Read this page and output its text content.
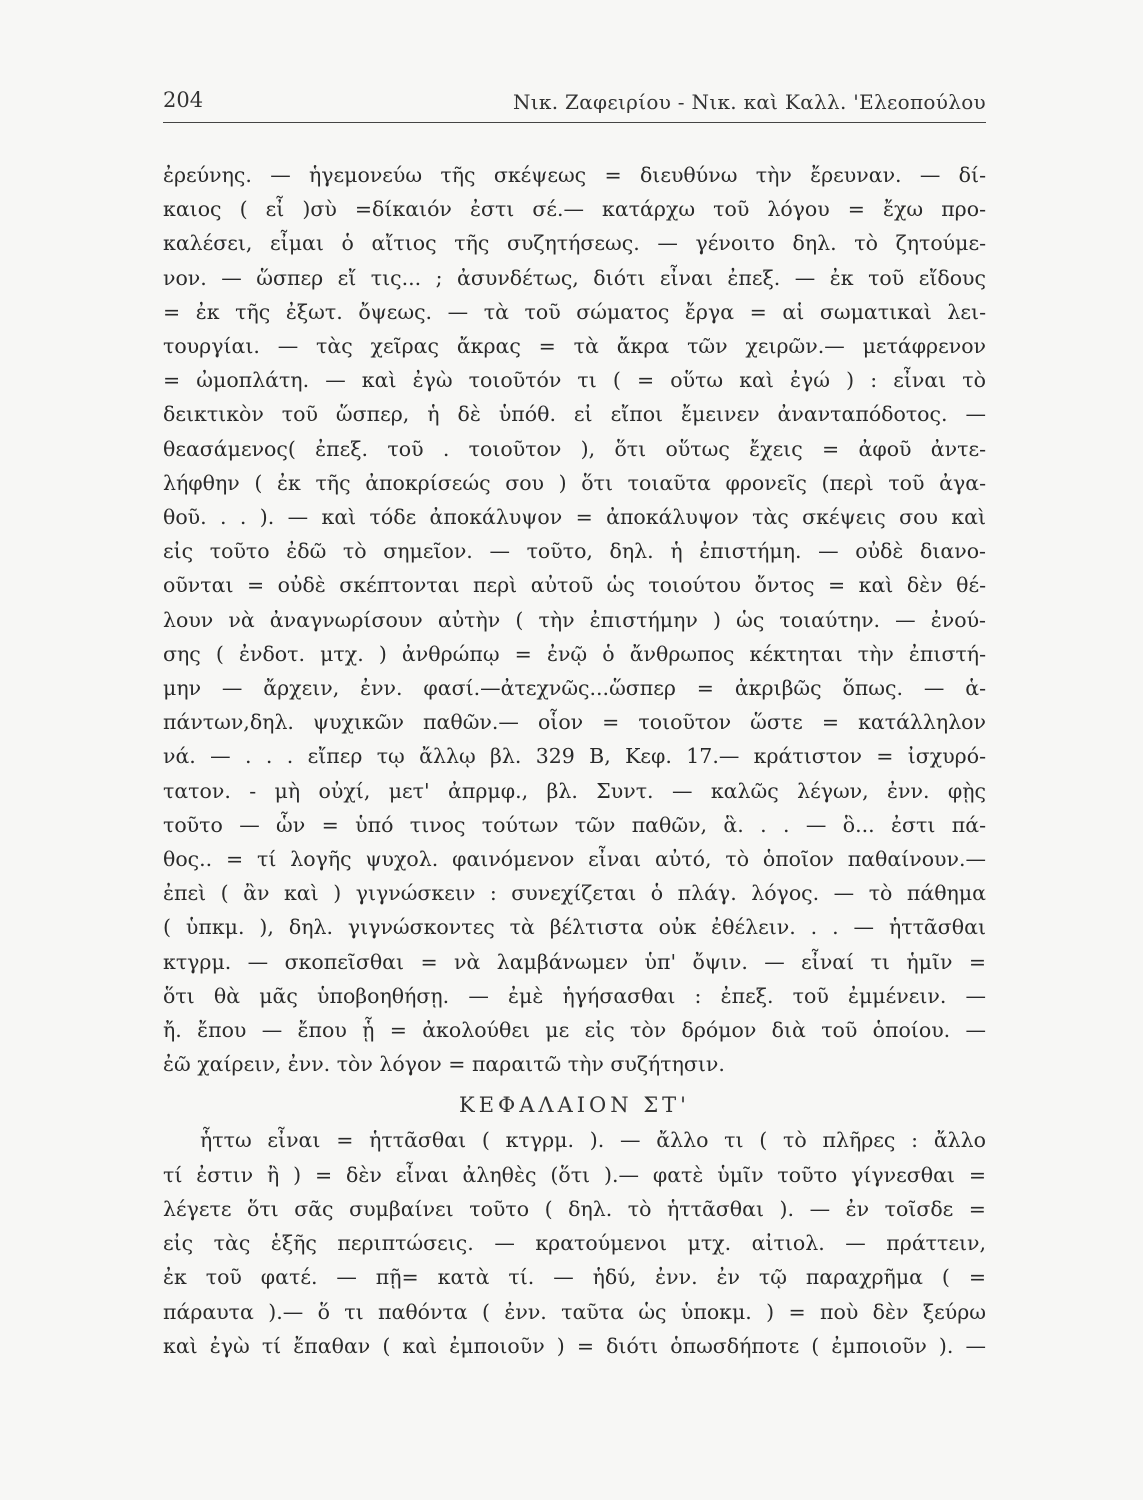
204	Νικ. Ζαφειρίου - Νικ. καὶ Καλλ. 'Ελεοπούλου
ἐρεύνης. — ἡγεμονεύω τῆς σκέψεως = διευθύνω τὴν ἔρευναν. — δί-
καιος ( εἶ )σὺ =δίκαιόν ἐστι σέ.— κατάρχω τοῦ λόγου = ἔχω προ-
καλέσει, εἶμαι ὁ αἴτιος τῆς συζητήσεως. — γένοιτο δηλ. τὸ ζητούμε-
νον. — ὥσπερ εἴ τις... ; ἀσυνδέτως, διότι εἶναι ἐπεξ. — ἐκ τοῦ εἴδους
= ἐκ τῆς ἐξωτ. ὄψεως. — τὰ τοῦ σώματος ἔργα = αἱ σωματικαὶ λει-
τουργίαι. — τὰς χεῖρας ἄκρας = τὰ ἄκρα τῶν χειρῶν.— μετάφρενον
= ὠμοπλάτη. — καὶ ἐγὼ τοιοῦτόν τι ( = οὕτω καὶ ἐγώ ) : εἶναι τὸ
δεικτικὸν τοῦ ὥσπερ, ἡ δὲ ὑπόθ. εἰ εἴποι ἔμεινεν ἀνανταπόδοτος. —
θεασάμενος( ἐπεξ. τοῦ . τοιοῦτον ), ὅτι οὕτως ἔχεις = ἀφοῦ ἀντε-
λήφθην ( ἐκ τῆς ἀποκρίσεώς σου ) ὅτι τοιαῦτα φρονεῖς (περὶ τοῦ ἀγα-
θοῦ. . . ). — καὶ τόδε ἀποκάλυψον = ἀποκάλυψον τὰς σκέψεις σου καὶ
εἰς τοῦτο ἐδῶ τὸ σημεῖον. — τοῦτο, δηλ. ἡ ἐπιστήμη. — οὐδὲ διανο-
οῦνται = οὐδὲ σκέπτονται περὶ αὐτοῦ ὡς τοιούτου ὄντος = καὶ δὲν θέ-
λουν νὰ ἀναγνωρίσουν αὐτὴν ( τὴν ἐπιστήμην ) ὡς τοιαύτην. — ἐνού-
σης ( ἐνδοτ. μτχ. ) ἀνθρώπῳ = ἐνῷ ὁ ἄνθρωπος κέκτηται τὴν ἐπιστή-
μην — ἄρχειν, ἐνν. φασί.—ἀτεχνῶς...ὥσπερ = ἀκριβῶς ὅπως. — ἁ-
πάντων,δηλ. ψυχικῶν παθῶν.— οἷον = τοιοῦτον ὥστε = κατάλληλον
νά. — . . . εἴπερ τῳ ἄλλῳ βλ. 329 Β, Κεφ. 17.— κράτιστον = ἰσχυρό-
τατον. - μὴ οὐχί, μετ' ἀπρμφ., βλ. Συντ. — καλῶς λέγων, ἐνν. φῂς
τοῦτο — ὧν = ὑπό τινος τούτων τῶν παθῶν, ἃ. . . — ὃ... ἐστι πά-
θος.. = τί λογῆς ψυχολ. φαινόμενον εἶναι αὐτό, τὸ ὁποῖον παθαίνουν.—
ἐπεὶ ( ἂν καὶ ) γιγνώσκειν : συνεχίζεται ὁ πλάγ. λόγος. — τὸ πάθημα
( ὑπκμ. ), δηλ. γιγνώσκοντες τὰ βέλτιστα οὐκ ἐθέλειν. . . — ἡττᾶσθαι
κτγρμ. — σκοπεῖσθαι = νὰ λαμβάνωμεν ὑπ' ὄψιν. — εἶναί τι ἡμῖν =
ὅτι θὰ μᾶς ὑποβοηθήσῃ. — ἐμὲ ἡγήσασθαι : ἐπεξ. τοῦ ἐμμένειν. —
ἤ. ἔπου — ἔπου ᾗ = ἀκολούθει με εἰς τὸν δρόμον διὰ τοῦ ὁποίου. —
ἐῶ χαίρειν, ἐνν. τὸν λόγον = παραιτῶ τὴν συζήτησιν.
ΚΕΦΑΛΑΙΟΝ ΣΤ'
ἧττω εἶναι = ἡττᾶσθαι ( κτγρμ. ). — ἄλλο τι ( τὸ πλῆρες : ἄλλο
τί ἐστιν ἢ ) = δὲν εἶναι ἀληθὲς (ὅτι ).— φατὲ ὑμῖν τοῦτο γίγνεσθαι =
λέγετε ὅτι σᾶς συμβαίνει τοῦτο ( δηλ. τὸ ἡττᾶσθαι ). — ἐν τοῖσδε =
εἰς τὰς ἑξῆς περιπτώσεις. — κρατούμενοι μτχ. αἰτιολ. — πράττειν,
ἐκ τοῦ φατέ. — πῇ= κατὰ τί. — ἡδύ, ἐνν. ἐν τῷ παραχρῆμα ( =
πάραυτα ).— ὅ τι παθόντα ( ἐνν. ταῦτα ὡς ὑποκμ. ) = ποὺ δὲν ξεύρω
καὶ ἐγὼ τί ἔπαθαν ( καὶ ἐμποιοῦν ) = διότι ὁπωσδήποτε ( ἐμποιοῦν ). —
